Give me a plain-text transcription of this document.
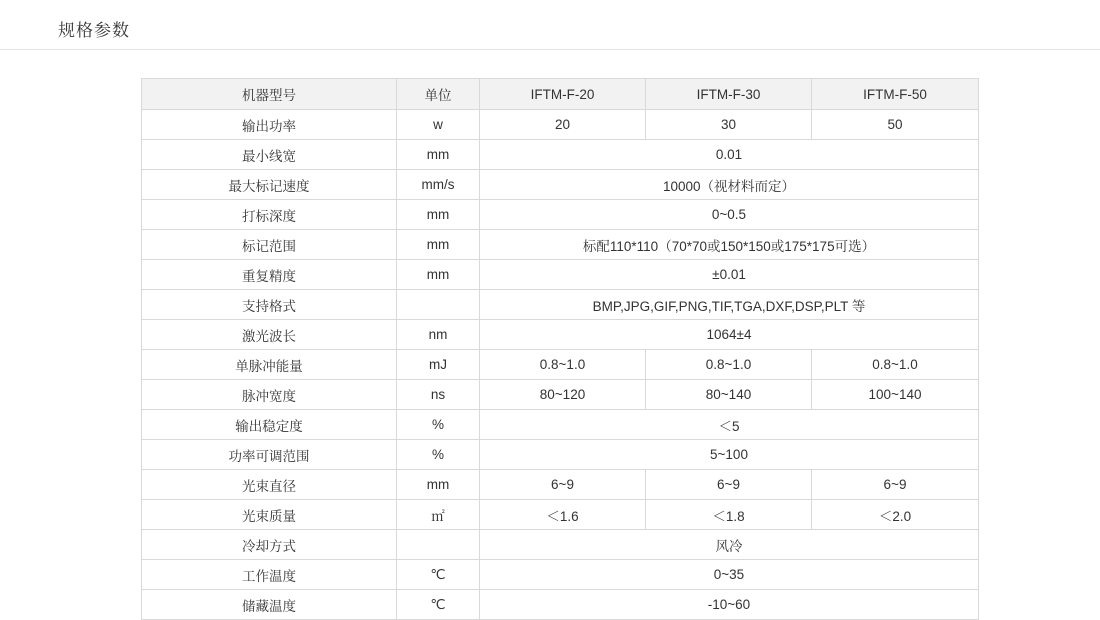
规格参数
机器型号	单位	IFTM-F-20	IFTM-F-30	IFTM-F-50
输出功率	w	20	30	50
最小线宽	mm	0.01		
最大标记速度	mm/s	10000（视材料而定）		
打标深度	mm	0~0.5		
标记范围	mm	标配110*110（70*70或150*150或175*175可选）		
重复精度	mm	±0.01		
支持格式		BMP,JPG,GIF,PNG,TIF,TGA,DXF,DSP,PLT 等		
激光波长	nm	1064±4		
单脉冲能量	mJ	0.8~1.0	0.8~1.0	0.8~1.0
脉冲宽度	ns	80~120	80~140	100~140
输出稳定度	%	＜5		
功率可调范围	%	5~100		
光束直径	mm	6~9	6~9	6~9
光束质量	㎡	＜1.6	＜1.8	＜2.0
冷却方式		风冷		
工作温度	℃	0~35		
储藏温度	℃	-10~60		
